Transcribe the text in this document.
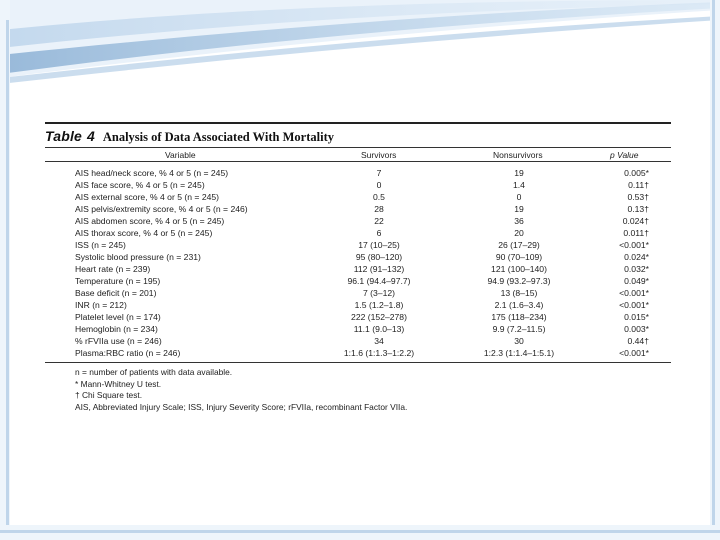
Table 4 Analysis of Data Associated With Mortality
Variable	Survivors	Nonsurvivors	p Value
AIS head/neck score, % 4 or 5 (n = 245)	7	19	0.005*
AIS face score, % 4 or 5 (n = 245)	0	1.4	0.11†
AIS external score, % 4 or 5 (n = 245)	0.5	0	0.53†
AIS pelvis/extremity score, % 4 or 5 (n = 246)	28	19	0.13†
AIS abdomen score, % 4 or 5 (n = 245)	22	36	0.024†
AIS thorax score, % 4 or 5 (n = 245)	6	20	0.011†
ISS (n = 245)	17 (10–25)	26 (17–29)	<0.001*
Systolic blood pressure (n = 231)	95 (80–120)	90 (70–109)	0.024*
Heart rate (n = 239)	112 (91–132)	121 (100–140)	0.032*
Temperature (n = 195)	96.1 (94.4–97.7)	94.9 (93.2–97.3)	0.049*
Base deficit (n = 201)	7 (3–12)	13 (8–15)	<0.001*
INR (n = 212)	1.5 (1.2–1.8)	2.1 (1.6–3.4)	<0.001*
Platelet level (n = 174)	222 (152–278)	175 (118–234)	0.015*
Hemoglobin (n = 234)	11.1 (9.0–13)	9.9 (7.2–11.5)	0.003*
% rFVIIa use (n = 246)	34	30	0.44†
Plasma:RBC ratio (n = 246)	1:1.6 (1:1.3–1:2.2)	1:2.3 (1:1.4–1:5.1)	<0.001*
n = number of patients with data available.
* Mann-Whitney U test.
† Chi Square test.
AIS, Abbreviated Injury Scale; ISS, Injury Severity Score; rFVIIa, recombinant Factor VIIa.
